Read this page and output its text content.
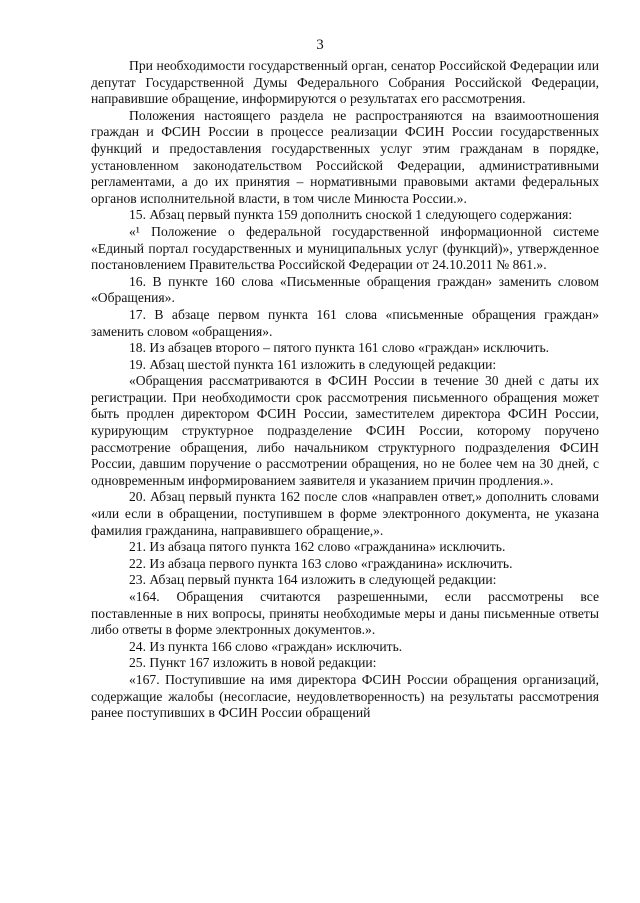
3

При необходимости государственный орган, сенатор Российской Федерации или депутат Государственной Думы Федерального Собрания Российской Федерации, направившие обращение, информируются о результатах его рассмотрения.

Положения настоящего раздела не распространяются на взаимоотношения граждан и ФСИН России в процессе реализации ФСИН России государственных функций и предоставления государственных услуг этим гражданам в порядке, установленном законодательством Российской Федерации, административными регламентами, а до их принятия – нормативными правовыми актами федеральных органов исполнительной власти, в том числе Минюста России.».

15. Абзац первый пункта 159 дополнить сноской 1 следующего содержания:

«¹ Положение о федеральной государственной информационной системе «Единый портал государственных и муниципальных услуг (функций)», утвержденное постановлением Правительства Российской Федерации от 24.10.2011 № 861.».

16. В пункте 160 слова «Письменные обращения граждан» заменить словом «Обращения».

17. В абзаце первом пункта 161 слова «письменные обращения граждан» заменить словом «обращения».

18. Из абзацев второго – пятого пункта 161 слово «граждан» исключить.

19. Абзац шестой пункта 161 изложить в следующей редакции:

«Обращения рассматриваются в ФСИН России в течение 30 дней с даты их регистрации. При необходимости срок рассмотрения письменного обращения может быть продлен директором ФСИН России, заместителем директора ФСИН России, курирующим структурное подразделение ФСИН России, которому поручено рассмотрение обращения, либо начальником структурного подразделения ФСИН России, давшим поручение о рассмотрении обращения, но не более чем на 30 дней, с одновременным информированием заявителя и указанием причин продления.».

20. Абзац первый пункта 162 после слов «направлен ответ,» дополнить словами «или если в обращении, поступившем в форме электронного документа, не указана фамилия гражданина, направившего обращение,».

21. Из абзаца пятого пункта 162 слово «гражданина» исключить.

22. Из абзаца первого пункта 163 слово «гражданина» исключить.

23. Абзац первый пункта 164 изложить в следующей редакции:

«164. Обращения считаются разрешенными, если рассмотрены все поставленные в них вопросы, приняты необходимые меры и даны письменные ответы либо ответы в форме электронных документов.».

24. Из пункта 166 слово «граждан» исключить.

25. Пункт 167 изложить в новой редакции:

«167. Поступившие на имя директора ФСИН России обращения организаций, содержащие жалобы (несогласие, неудовлетворенность) на результаты рассмотрения ранее поступивших в ФСИН России обращений
